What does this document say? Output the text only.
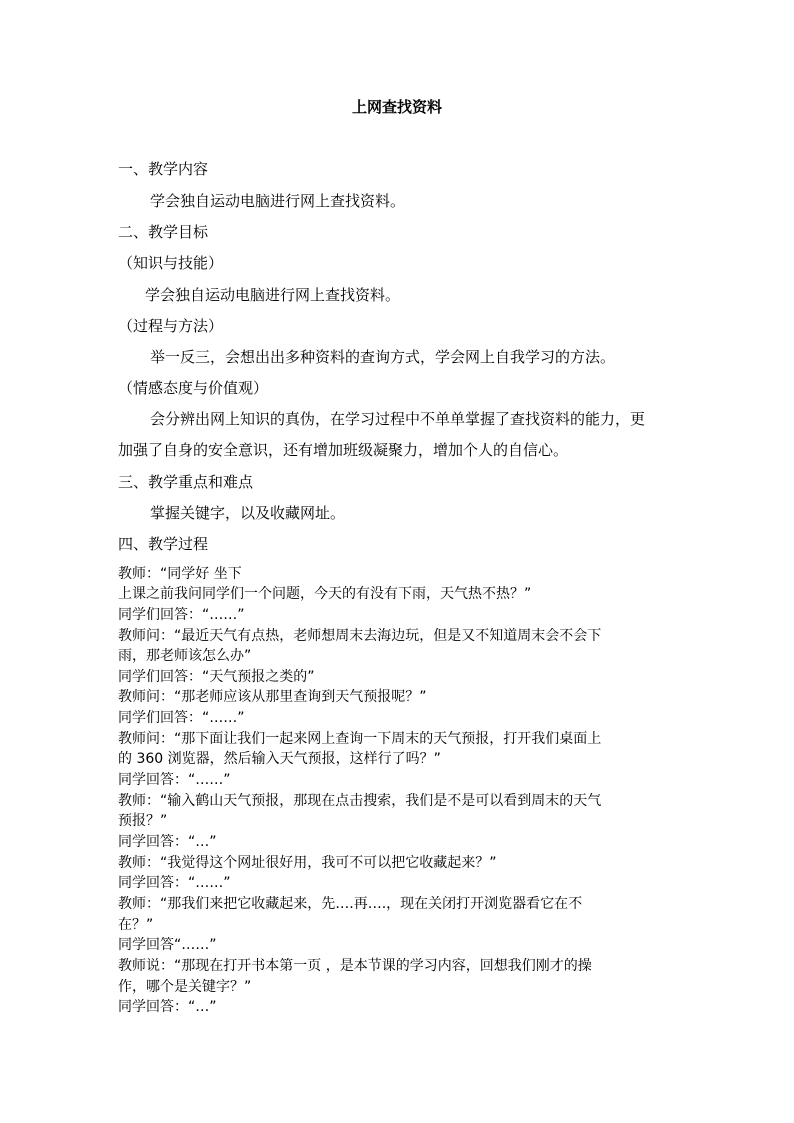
上网查找资料
一、教学内容
学会独自运动电脑进行网上查找资料。
二、教学目标
（知识与技能）
学会独自运动电脑进行网上查找资料。
（过程与方法）
举一反三，会想出出多种资料的查询方式，学会网上自我学习的方法。
（情感态度与价值观）
会分辨出网上知识的真伪，在学习过程中不单单掌握了查找资料的能力，更
加强了自身的安全意识，还有增加班级凝聚力，增加个人的自信心。
三、教学重点和难点
掌握关键字，以及收藏网址。
四、教学过程
教师：“同学好 坐下
上课之前我问同学们一个问题，今天的有没有下雨，天气热不热？”
同学们回答：“……”
教师问：“最近天气有点热，老师想周末去海边玩，但是又不知道周末会不会下
雨，那老师该怎么办”
同学们回答：“天气预报之类的”
教师问：“那老师应该从那里查询到天气预报呢？”
同学们回答：“……”
教师问：“那下面让我们一起来网上查询一下周末的天气预报，打开我们桌面上
的 360 浏览器，然后输入天气预报，这样行了吗？”
同学回答：“……”
教师：“输入鹤山天气预报，那现在点击搜索，我们是不是可以看到周末的天气
预报？”
同学回答：“…”
教师：“我觉得这个网址很好用，我可不可以把它收藏起来？”
同学回答：“……”
教师：“那我们来把它收藏起来，先….再….，现在关闭打开浏览器看它在不
在？”
同学回答“……”
教师说：“那现在打开书本第一页 ，是本节课的学习内容，回想我们刚才的操
作，哪个是关键字？”
同学回答：“…”
